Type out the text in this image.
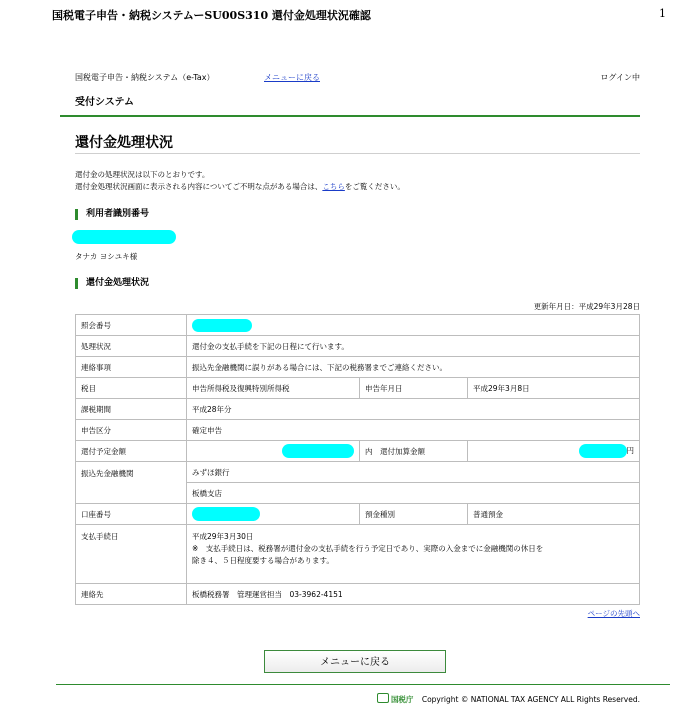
国税電子申告・納税システムーSU00S310 還付金処理状況確認	1
国税電子申告・納税システム（e-Tax）	メニューに戻る	ログイン中
受付システム
還付金処理状況
還付金の処理状況は以下のとおりです。
還付金処理状況画面に表示される内容についてご不明な点がある場合は、こちらをご覧ください。
利用者識別番号
タナカ ヨシユキ様
還付金処理状況
更新年月日：平成29年3月28日
照会番号			
処理状況	還付金の支払手続を下記の日程にて行います。		
連絡事項	振込先金融機関に誤りがある場合には、下記の税務署までご連絡ください。		
税目	申告所得税及復興特別所得税	申告年月日	平成29年3月8日
課税期間	平成28年分		
申告区分	確定申告		
還付予定金額		内　還付加算金額	円
振込先金融機関	みずほ銀行		
	板橋支店		
口座番号		預金種別	普通預金
支払手続日	平成29年3月30日
※　支払手続日は、税務署が還付金の支払手続を行う予定日であり、実際の入金までに金融機関の休日を
除き４、５日程度要する場合があります。		

連絡先	板橋税務署　管理運営担当　03-3962-4151		
ページの先頭へ
メニューに戻る
国税庁 Copyright © NATIONAL TAX AGENCY ALL Rights Reserved.
